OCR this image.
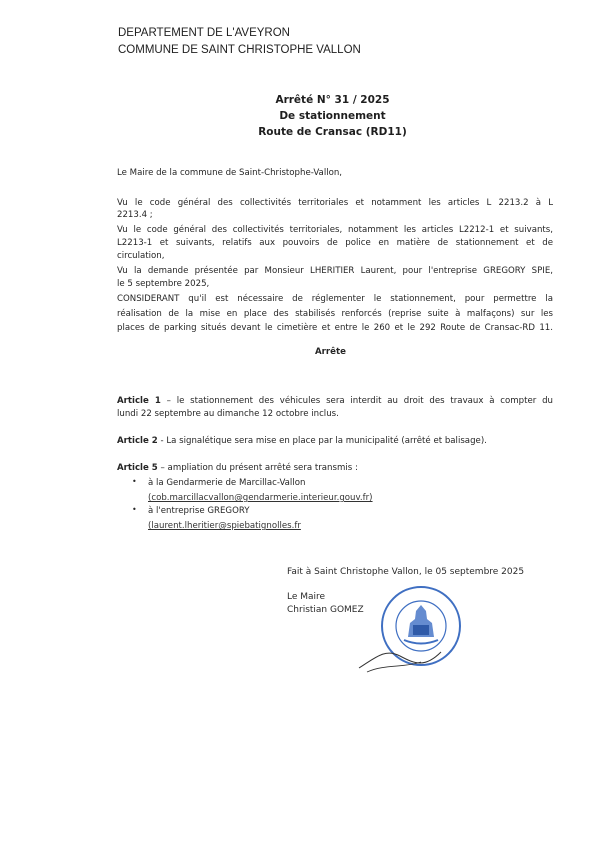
DEPARTEMENT DE L'AVEYRON
COMMUNE DE SAINT CHRISTOPHE VALLON
Arrêté N° 31 / 2025
De stationnement
Route de Cransac (RD11)
Le Maire de la commune de Saint-Christophe-Vallon,
Vu le code général des collectivités territoriales et notamment les articles L 2213.2 à L
2213.4 ;
Vu le code général des collectivités territoriales, notamment les articles L2212-1 et suivants,
L2213-1 et suivants, relatifs aux pouvoirs de police en matière de stationnement et de
circulation,
Vu la demande présentée par Monsieur LHERITIER Laurent, pour l'entreprise GREGORY SPIE,
le 5 septembre 2025,
CONSIDERANT qu'il est nécessaire de réglementer le stationnement, pour permettre la
réalisation de la mise en place des stabilisés renforcés (reprise suite à malfaçons) sur les
places de parking situés devant le cimetière et entre le 260 et le 292 Route de Cransac-RD 11.
Arrête
Article 1 – le stationnement des véhicules sera interdit au droit des travaux à compter du
lundi 22 septembre au dimanche 12 octobre inclus.
Article 2 - La signalétique sera mise en place par la municipalité (arrêté et balisage).
Article 5 – ampliation du présent arrêté sera transmis :
• à la Gendarmerie de Marcillac-Vallon
(cob.marcillacvallon@gendarmerie.interieur.gouv.fr)
• à l'entreprise GREGORY
(laurent.lheritier@spiebatignolles.fr
Fait à Saint Christophe Vallon, le 05 septembre 2025
Le Maire
Christian GOMEZ
